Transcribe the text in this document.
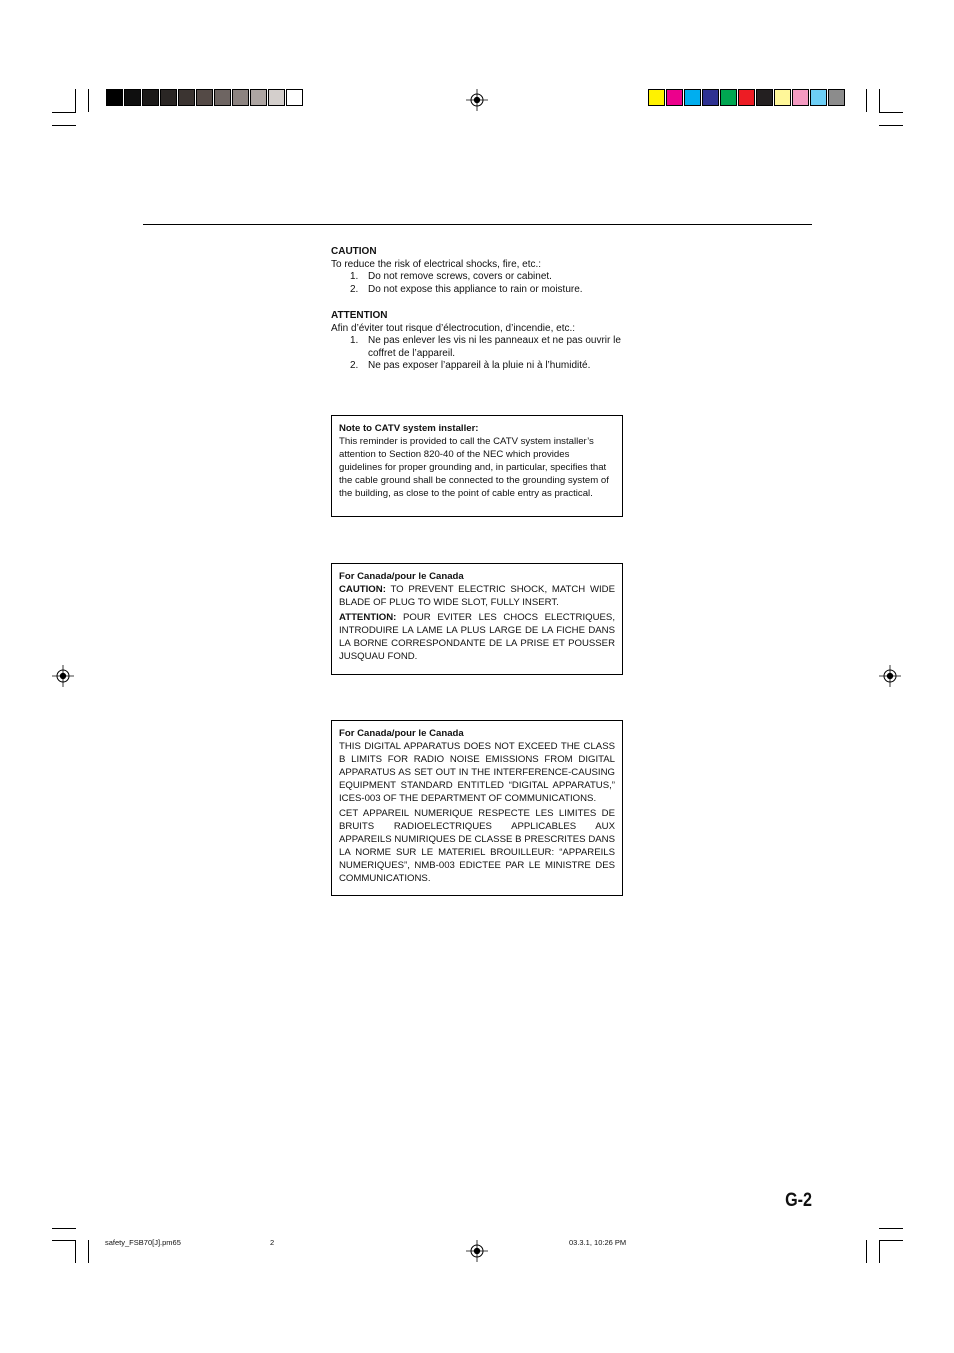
CAUTION
To reduce the risk of electrical shocks, fire, etc.:
1. Do not remove screws, covers or cabinet.
2. Do not expose this appliance to rain or moisture.
ATTENTION
Afin d’éviter tout risque d’électrocution, d’incendie, etc.:
1. Ne pas enlever les vis ni les panneaux et ne pas ouvrir le coffret de l’appareil.
2. Ne pas exposer l’appareil à la pluie ni à l’humidité.

Note to CATV system installer:

This reminder is provided to call the CATV system installer’s attention to Section 820-40 of the NEC which provides guidelines for proper grounding and, in particular, specifies that the cable ground shall be connected to the grounding system of the building, as close to the point of cable entry as practical.

For Canada/pour le Canada

CAUTION: TO PREVENT ELECTRIC SHOCK, MATCH WIDE BLADE OF PLUG TO WIDE SLOT, FULLY INSERT.

ATTENTION: POUR EVITER LES CHOCS ELECTRIQUES, INTRODUIRE LA LAME LA PLUS LARGE DE LA FICHE DANS LA BORNE CORRESPONDANTE DE LA PRISE ET POUSSER JUSQUAU FOND.

For Canada/pour le Canada

THIS DIGITAL APPARATUS DOES NOT EXCEED THE CLASS B LIMITS FOR RADIO NOISE EMISSIONS FROM DIGITAL APPARATUS AS SET OUT IN THE INTERFERENCE-CAUSING EQUIPMENT STANDARD ENTITLED “DIGITAL APPARATUS,” ICES-003 OF THE DEPARTMENT OF COMMUNICATIONS.

CET APPAREIL NUMERIQUE RESPECTE LES LIMITES DE BRUITS RADIOELECTRIQUES APPLICABLES AUX APPAREILS NUMIRIQUES DE CLASSE B PRESCRITES DANS LA NORME SUR LE MATERIEL BROUILLEUR: “APPAREILS NUMERIQUES”, NMB-003 EDICTEE PAR LE MINISTRE DES COMMUNICATIONS.

G-2
safety_FSB70[J].pm65	2	03.3.1, 10:26 PM
